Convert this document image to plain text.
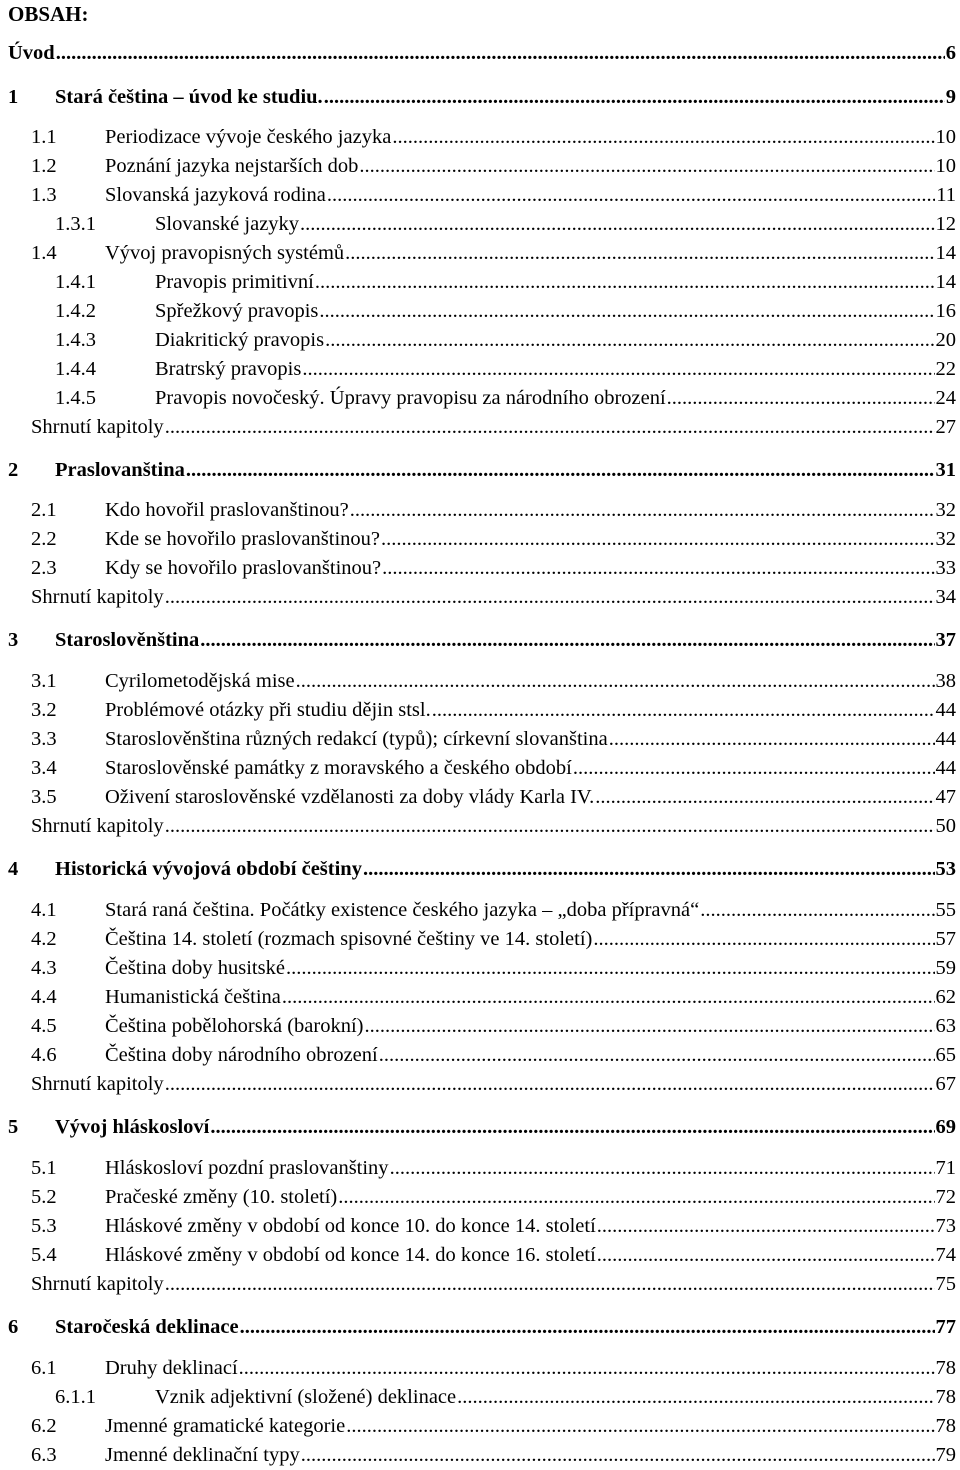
OBSAH:
Úvod .....	6
1 Stará čeština – úvod ke studiu. .....	9
1.1 Periodizace vývoje českého jazyka .....	10
1.2 Poznání jazyka nejstarších dob .....	10
1.3 Slovanská jazyková rodina .....	11
1.3.1	Slovanské jazyky .....	12
1.4 Vývoj pravopisných systémů .....	14
1.4.1	Pravopis primitivní .....	14
1.4.2	Spřežkový pravopis .....	16
1.4.3	Diakritický pravopis .....	20
1.4.4	Bratrský pravopis .....	22
1.4.5	Pravopis novočeský. Úpravy pravopisu za národního obrození .....	24
Shrnutí kapitoly .....	27
2 Praslovanština .....	31
2.1 Kdo hovořil praslovanštinou? .....	32
2.2 Kde se hovořilo praslovanštinou? .....	32
2.3 Kdy se hovořilo praslovanštinou? .....	33
Shrnutí kapitoly .....	34
3 Staroslověnština .....	37
3.1 Cyrilometodějská mise .....	38
3.2 Problémové otázky při studiu dějin stsl. .....	44
3.3 Staroslověnština různých redakcí (typů); církevní slovanština .....	44
3.4 Staroslověnské památky z moravského a českého období .....	44
3.5 Oživení staroslověnské vzdělanosti za doby vlády Karla IV. .....	47
Shrnutí kapitoly .....	50
4 Historická vývojová období češtiny .....	53
4.1 Stará raná čeština. Počátky existence českého jazyka – „doba přípravná“ .....	55
4.2 Čeština 14. století (rozmach spisovné češtiny ve 14. století) .....	57
4.3 Čeština doby husitské .....	59
4.4 Humanistická čeština .....	62
4.5 Čeština pobělohorská (barokní) .....	63
4.6 Čeština doby národního obrození .....	65
Shrnutí kapitoly .....	67
5 Vývoj hláskosloví .....	69
5.1 Hláskosloví pozdní praslovanštiny .....	71
5.2 Pračeské změny (10. století) .....	72
5.3 Hláskové změny v období od konce 10. do konce 14. století .....	73
5.4 Hláskové změny v období od konce 14. do konce 16. století .....	74
Shrnutí kapitoly .....	75
6 Staročeská deklinace .....	77
6.1 Druhy deklinací .....	78
6.1.1	Vznik adjektivní (složené) deklinace .....	78
6.2 Jmenné gramatické kategorie .....	78
6.3 Jmenné deklinační typy .....	79
